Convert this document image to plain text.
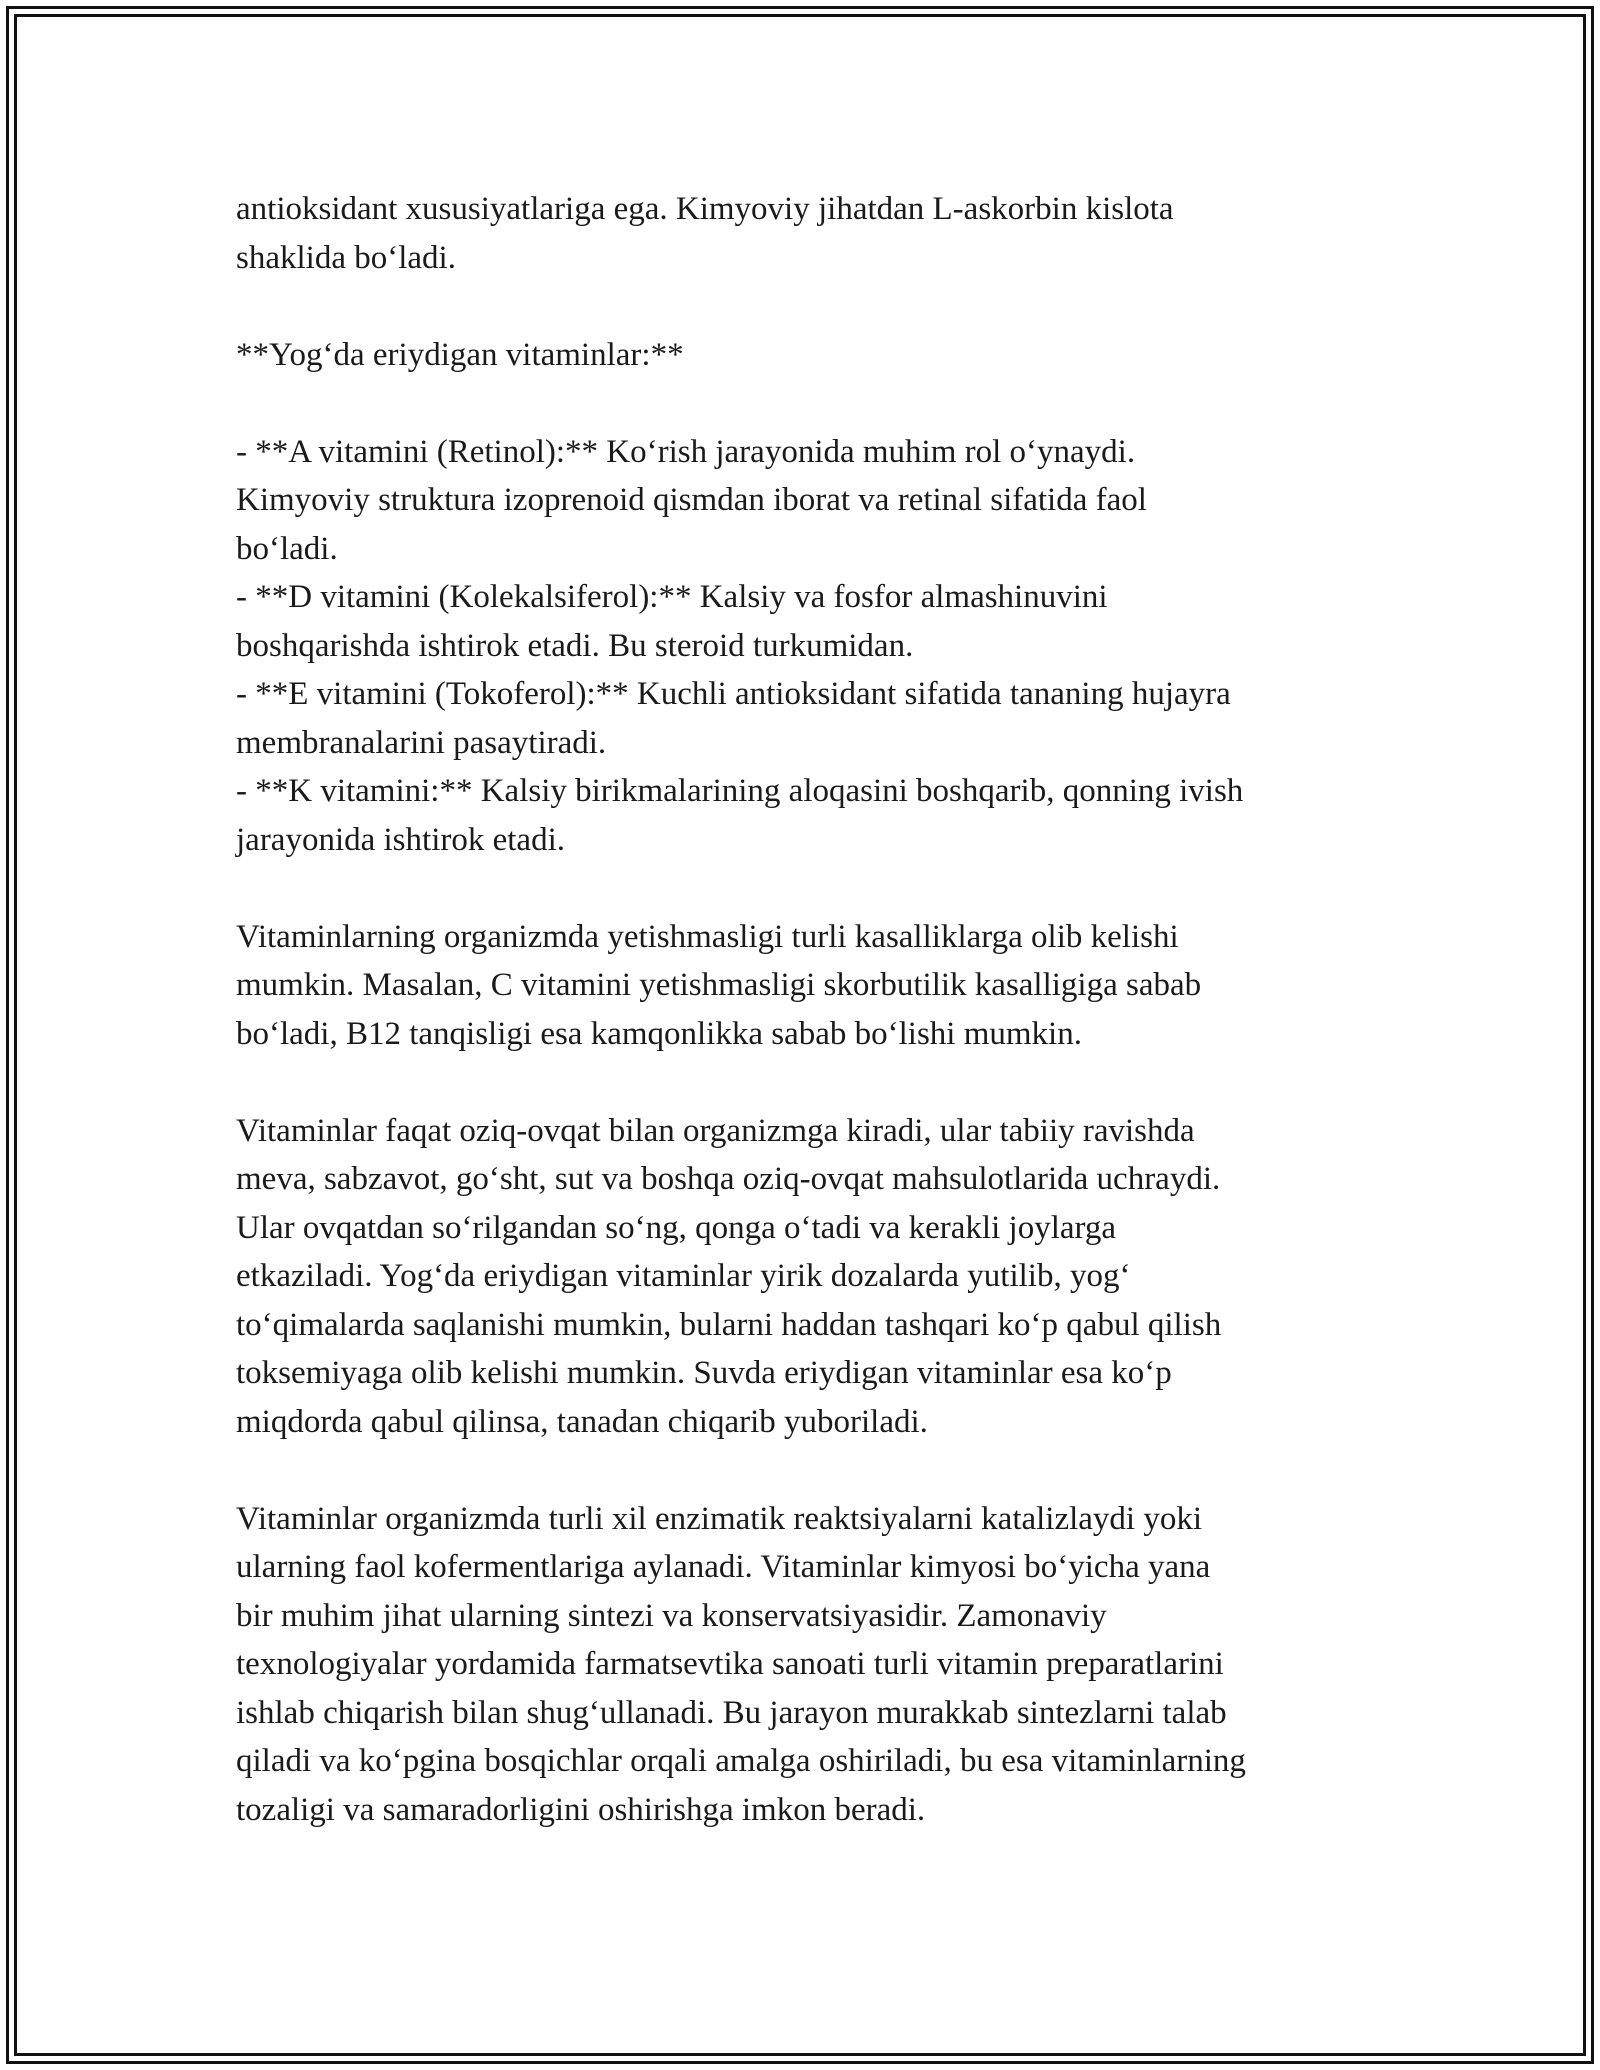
antioksidant xususiyatlariga ega. Kimyoviy jihatdan L-askorbin kislota
shaklida bo‘ladi.
**Yog‘da eriydigan vitaminlar:**
- **A vitamini (Retinol):** Ko‘rish jarayonida muhim rol o‘ynaydi.
Kimyoviy struktura izoprenoid qismdan iborat va retinal sifatida faol
bo‘ladi.
- **D vitamini (Kolekalsiferol):** Kalsiy va fosfor almashinuvini
boshqarishda ishtirok etadi. Bu steroid turkumidan.
- **E vitamini (Tokoferol):** Kuchli antioksidant sifatida tananing hujayra
membranalarini pasaytiradi.
- **K vitamini:** Kalsiy birikmalarining aloqasini boshqarib, qonning ivish
jarayonida ishtirok etadi.
Vitaminlarning organizmda yetishmasligi turli kasalliklarga olib kelishi
mumkin. Masalan, C vitamini yetishmasligi skorbutilik kasalligiga sabab
bo‘ladi, B12 tanqisligi esa kamqonlikka sabab bo‘lishi mumkin.
Vitaminlar faqat oziq-ovqat bilan organizmga kiradi, ular tabiiy ravishda
meva, sabzavot, go‘sht, sut va boshqa oziq-ovqat mahsulotlarida uchraydi.
Ular ovqatdan so‘rilgandan so‘ng, qonga o‘tadi va kerakli joylarga
etkaziladi. Yog‘da eriydigan vitaminlar yirik dozalarda yutilib, yog‘
to‘qimalarda saqlanishi mumkin, bularni haddan tashqari ko‘p qabul qilish
toksemiyaga olib kelishi mumkin. Suvda eriydigan vitaminlar esa ko‘p
miqdorda qabul qilinsa, tanadan chiqarib yuboriladi.
Vitaminlar organizmda turli xil enzimatik reaktsiyalarni katalizlaydi yoki
ularning faol kofermentlariga aylanadi. Vitaminlar kimyosi bo‘yicha yana
bir muhim jihat ularning sintezi va konservatsiyasidir. Zamonaviy
texnologiyalar yordamida farmatsevtika sanoati turli vitamin preparatlarini
ishlab chiqarish bilan shug‘ullanadi. Bu jarayon murakkab sintezlarni talab
qiladi va ko‘pgina bosqichlar orqali amalga oshiriladi, bu esa vitaminlarning
tozaligi va samaradorligini oshirishga imkon beradi.
